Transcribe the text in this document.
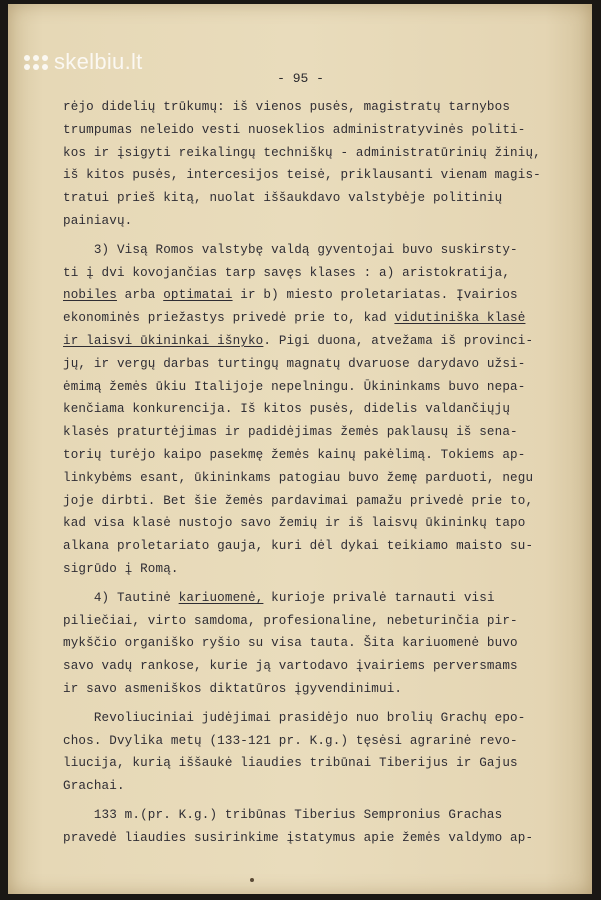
skelbiu.lt
- 95 -
rėjo didelių trūkumų: iš vienos pusės, magistratų tarnybos
trumpumas neleido vesti nuoseklios administratyvinės politi-
kos ir įsigyti reikalingų techniškų - administratūrinių žinių,
iš kitos pusės, intercesijos teisė, priklausanti vienam magis-
tratui prieš kitą, nuolat iššaukdavo valstybėje politinių
painiavų.
3) Visą Romos valstybę valdą gyventojai buvo suskirsty-
ti į dvi kovojančias tarp savęs klases : a) aristokratija,
nobiles arba optimatai ir b) miesto proletariatas. Įvairios
ekonominės priežastys privedė prie to, kad vidutiniška klasė
ir laisvi ūkininkai išnyko. Pigi duona, atvežama iš provinci-
jų, ir vergų darbas turtingų magnatų dvaruose darydavo užsi-
ėmimą žemės ūkiu Italijoje nepelningu. Ūkininkams buvo nepa-
kenčiama konkurencija. Iš kitos pusės, didelis valdančiųjų
klasės praturtėjimas ir padidėjimas žemės paklausų iš sena-
torių turėjo kaipo pasekmę žemės kainų pakėlimą. Tokiems ap-
linkybėms esant, ūkininkams patogiau buvo žemę parduoti, negu
joje dirbti. Bet šie žemės pardavimai pamažu privedė prie to,
kad visa klasė nustojo savo žemių ir iš laisvų ūkininkų tapo
alkana proletariato gauja, kuri dėl dykai teikiamo maisto su-
sigrūdo į Romą.
4) Tautinė kariuomenė, kurioje privalė tarnauti visi
piliečiai, virto samdoma, profesionaline, nebeturinčia pir-
mykščio organiško ryšio su visa tauta. Šita kariuomenė buvo
savo vadų rankose, kurie ją vartodavo įvairiems perversmams
ir savo asmeniškos diktatūros įgyvendinimui.
Revoliuciniai judėjimai prasidėjo nuo brolių Grachų epo-
chos. Dvylika metų (133-121 pr. K.g.) tęsėsi agrarinė revo-
liucija, kurią iššaukė liaudies tribūnai Tiberijus ir Gajus
Grachai.
133 m.(pr. K.g.) tribūnas Tiberius Sempronius Grachas
pravedė liaudies susirinkime įstatymus apie žemės valdymo ap-
